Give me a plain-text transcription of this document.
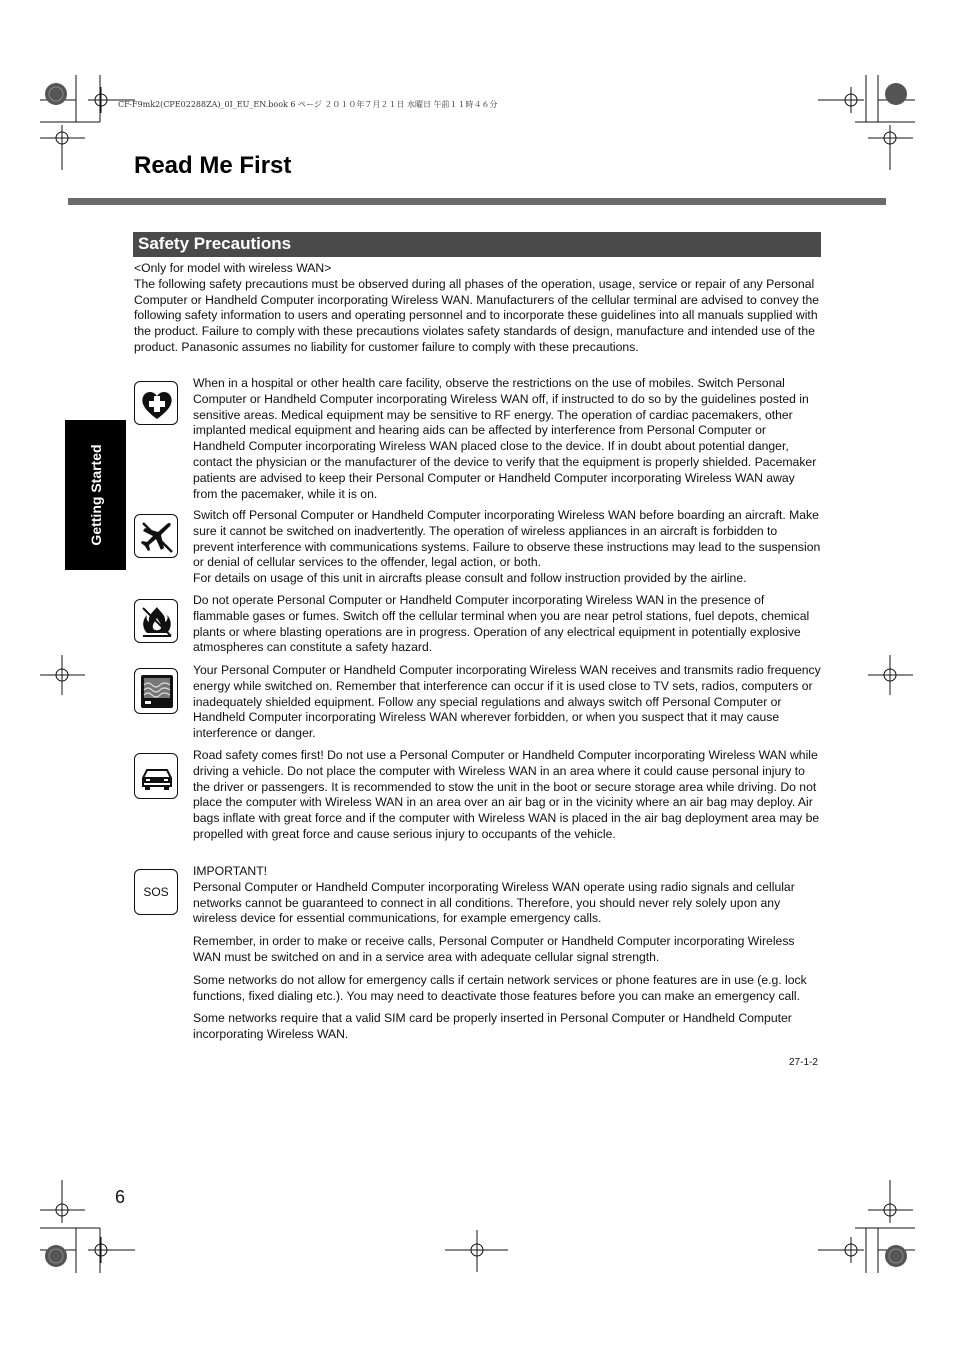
CF-F9mk2(CPE02288ZA)_0I_EU_EN.book 6 ページ ２０１０年７月２１日 水曜日 午前１１時４６分
Read Me First
Getting Started
Safety Precautions

<Only for model with wireless WAN>

The following safety precautions must be observed during all phases of the operation, usage, service or repair of any Personal Computer or Handheld Computer incorporating Wireless WAN. Manufacturers of the cellular terminal are advised to convey the following safety information to users and operating personnel and to incorporate these guidelines into all manuals supplied with the product. Failure to comply with these precautions violates safety standards of design, manufacture and intended use of the product. Panasonic assumes no liability for customer failure to comply with these precautions.

When in a hospital or other health care facility, observe the restrictions on the use of mobiles. Switch Personal Computer or Handheld Computer incorporating Wireless WAN off, if instructed to do so by the guidelines posted in sensitive areas. Medical equipment may be sensitive to RF energy. The operation of cardiac pacemakers, other implanted medical equipment and hearing aids can be affected by interference from Personal Computer or Handheld Computer incorporating Wireless WAN placed close to the device. If in doubt about potential danger, contact the physician or the manufacturer of the device to verify that the equipment is properly shielded. Pacemaker patients are advised to keep their Personal Computer or Handheld Computer incorporating Wireless WAN away from the pacemaker, while it is on.

Switch off Personal Computer or Handheld Computer incorporating Wireless WAN before boarding an aircraft. Make sure it cannot be switched on inadvertently. The operation of wireless appliances in an aircraft is forbidden to prevent interference with communications systems. Failure to observe these instructions may lead to the suspension or denial of cellular services to the offender, legal action, or both.

For details on usage of this unit in aircrafts please consult and follow instruction provided by the airline.

Do not operate Personal Computer or Handheld Computer incorporating Wireless WAN in the presence of flammable gases or fumes. Switch off the cellular terminal when you are near petrol stations, fuel depots, chemical plants or where blasting operations are in progress. Operation of any electrical equipment in potentially explosive atmospheres can constitute a safety hazard.

Your Personal Computer or Handheld Computer incorporating Wireless WAN receives and transmits radio frequency energy while switched on. Remember that interference can occur if it is used close to TV sets, radios, computers or inadequately shielded equipment. Follow any special regulations and always switch off Personal Computer or Handheld Computer incorporating Wireless WAN wherever forbidden, or when you suspect that it may cause interference or danger.

Road safety comes first! Do not use a Personal Computer or Handheld Computer incorporating Wireless WAN while driving a vehicle. Do not place the computer with Wireless WAN in an area where it could cause personal injury to the driver or passengers. It is recommended to stow the unit in the boot or secure storage area while driving. Do not place the computer with Wireless WAN in an area over an air bag or in the vicinity where an air bag may deploy. Air bags inflate with great force and if the computer with Wireless WAN is placed in the air bag deployment area may be propelled with great force and cause serious injury to occupants of the vehicle.

SOS

IMPORTANT!

Personal Computer or Handheld Computer incorporating Wireless WAN operate using radio signals and cellular networks cannot be guaranteed to connect in all conditions. Therefore, you should never rely solely upon any wireless device for essential communications, for example emergency calls.

Remember, in order to make or receive calls, Personal Computer or Handheld Computer incorporating Wireless WAN must be switched on and in a service area with adequate cellular signal strength.

Some networks do not allow for emergency calls if certain network services or phone features are in use (e.g. lock functions, fixed dialing etc.). You may need to deactivate those features before you can make an emergency call.

Some networks require that a valid SIM card be properly inserted in Personal Computer or Handheld Computer incorporating Wireless WAN.

27-1-2
6
